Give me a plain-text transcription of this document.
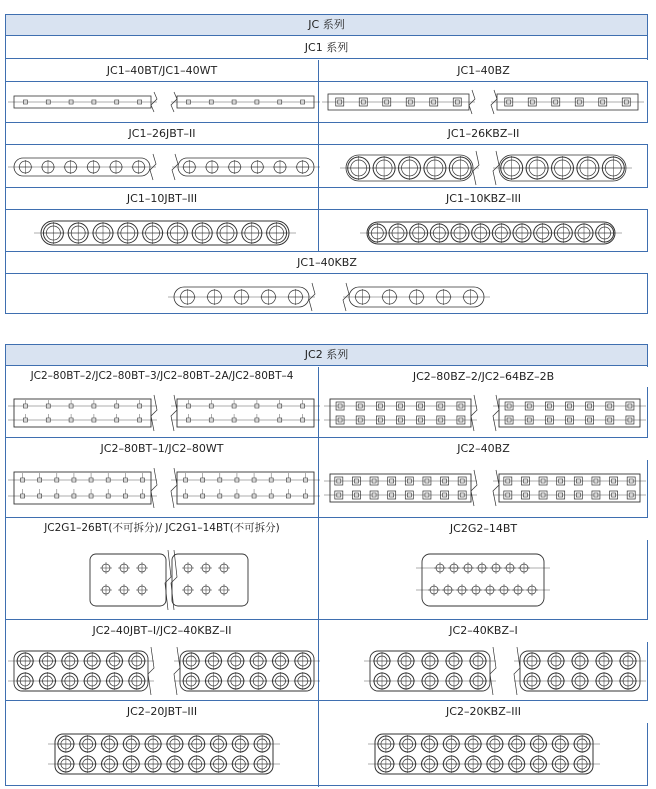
JC 系列
JC1 系列
JC1–40BT/JC1–40WT	JC1–40BZ
JC1–26JBT–II	JC1–26KBZ–II
JC1–10JBT–III	JC1–10KBZ–III
JC1–40KBZ
JC2 系列
JC2–80BT–2/JC2–80BT–3/JC2–80BT–2A/JC2–80BT–4	JC2–80BZ–2/JC2–64BZ–2B
JC2–80BT–1/JC2–80WT	JC2–40BZ
JC2G1–26BT(不可拆分)/ JC2G1–14BT(不可拆分)	JC2G2–14BT
JC2–40JBT–I/JC2–40KBZ–II	JC2–40KBZ–I
JC2–20JBT–III	JC2–20KBZ–III
